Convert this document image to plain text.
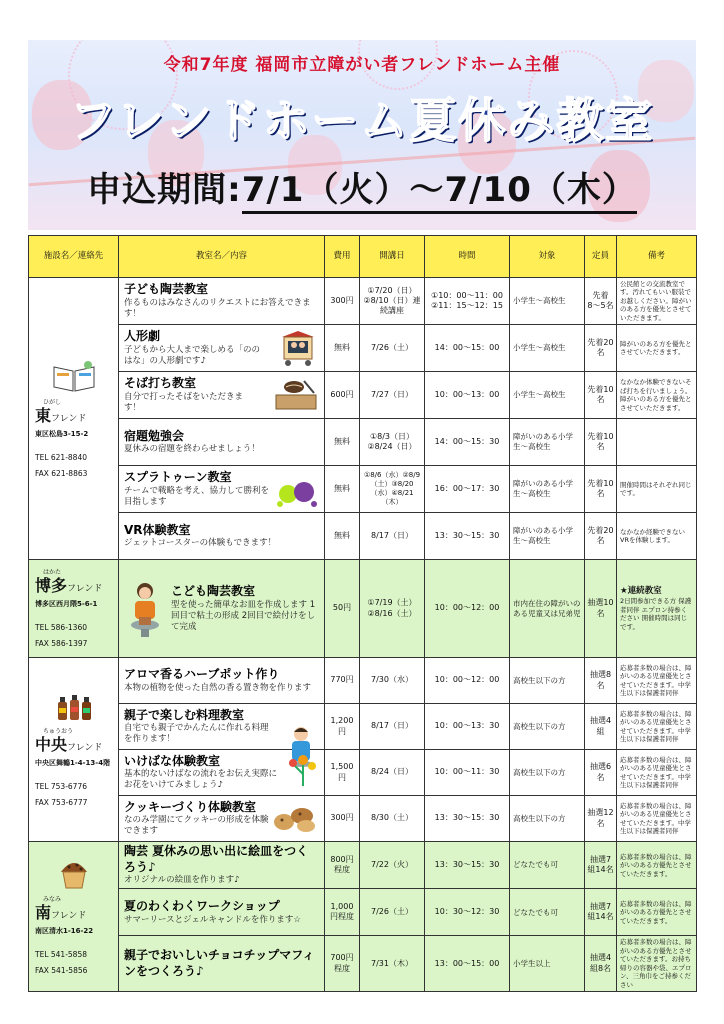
令和7年度 福岡市立障がい者フレンドホーム主催
フレンドホーム夏休み教室
申込期間:7/1（火）〜7/10（木）
施設名／連絡先	教室名／内容	費用	開講日	時間	対象	定員	備考

ひがし
東フレンド
東区松島3-15-2
TEL 621-8840
FAX 621-8863	子ども陶芸教室
作るものはみなさんのリクエストにお答えできます！	300円	①7/20（日）②8/10（日）連続講座	①10：00〜11：00 ②11：15〜12：15	小学生〜高校生	先着8〜5名	公民館との交流教室です。汚れてもいい服装でお越しください。障がいのある方を優先とさせていただきます。

	人形劇
子どもから大人まで楽しめる「ののはな」の人形劇です♪	無料	7/26（土）	14：00〜15：00	小学生〜高校生	先着20名	障がいのある方を優先とさせていただきます。

	そば打ち教室
自分で打ったそばをいただきます！	600円	7/27（日）	10：00〜13：00	小学生〜高校生	先着10名	なかなか体験できないそば打ちを行いましょう。障がいのある方を優先とさせていただきます。

	宿題勉強会
夏休みの宿題を終わらせましょう！	無料	①8/3（日）②8/24（日）	14：00〜15：30	障がいのある小学生〜高校生	先着10名	

	スプラトゥーン教室
チームで戦略を考え、協力して勝利を目指します	無料	①8/6（水）②8/9（土）③8/20（水）④8/21（木）	16：00〜17：30	障がいのある小学生〜高校生	先着10名	開催時間はそれぞれ同じです。

	VR体験教室
ジェットコースターの体験もできます！	無料	8/17（日）	13：30〜15：30	障がいのある小学生〜高校生	先着20名	なかなか経験できないVRを体験します。

はかた
博多フレンド
博多区西月隈5-6-1
TEL 586-1360
FAX 586-1397	こども陶芸教室
型を使った簡単なお皿を作成します 1回目で粘土の形成 2回目で絵付けをして完成	50円	①7/19（土）②8/16（土）	10：00〜12：00	市内在住の障がいのある児童又は兄弟児	抽選10名	★連続教室
2日間参加できる方 保護者同伴 エプロン持参ください 開催時間は同じです。

ちゅうおう
中央フレンド
中央区舞鶴1-4-13-4階
TEL 753-6776
FAX 753-6777	アロマ香るハーブポット作り
本物の植物を使った自然の香る置き物を作ります	770円	7/30（水）	10：00〜12：00	高校生以下の方	抽選8名	応募者多数の場合は、障がいのある児童優先とさせていただきます。中学生以下は保護者同伴

	親子で楽しむ料理教室
自宅でも親子でかんたんに作れる料理を作ります！	1,200円	8/17（日）	10：00〜13：30	高校生以下の方	抽選4組	応募者多数の場合は、障がいのある児童優先とさせていただきます。中学生以下は保護者同伴

	いけばな体験教室
基本的ないけばなの流れをお伝え実際にお花をいけてみましょう♪	1,500円	8/24（日）	10：00〜11：30	高校生以下の方	抽選6名	応募者多数の場合は、障がいのある児童優先とさせていただきます。中学生以下は保護者同伴

	クッキーづくり体験教室
なのみ学園にてクッキーの形成を体験できます	300円	8/30（土）	13：30〜15：30	高校生以下の方	抽選12名	応募者多数の場合は、障がいのある児童優先とさせていただきます。中学生以下は保護者同伴

みなみ
南フレンド
南区清水1-16-22
TEL 541-5858
FAX 541-5856	陶芸 夏休みの思い出に絵皿をつくろう♪
オリジナルの絵皿を作ります♪	800円程度	7/22（火）	13：30〜15：30	どなたでも可	抽選7組14名	応募者多数の場合は、障がいのある方優先とさせていただきます。

	夏のわくわくワークショップ
サマーリースとジェルキャンドルを作ります☆	1,000円程度	7/26（土）	10：30〜12：30	どなたでも可	抽選7組14名	応募者多数の場合は、障がいのある方優先とさせていただきます。

	親子でおいしいチョコチップマフィンをつくろう♪	700円程度	7/31（木）	13：00〜15：00	小学生以上	抽選4組8名	応募者多数の場合は、障がいのある方優先とさせていただきます。お持ち帰りの容器や袋、エプロン、三角巾をご持参ください
